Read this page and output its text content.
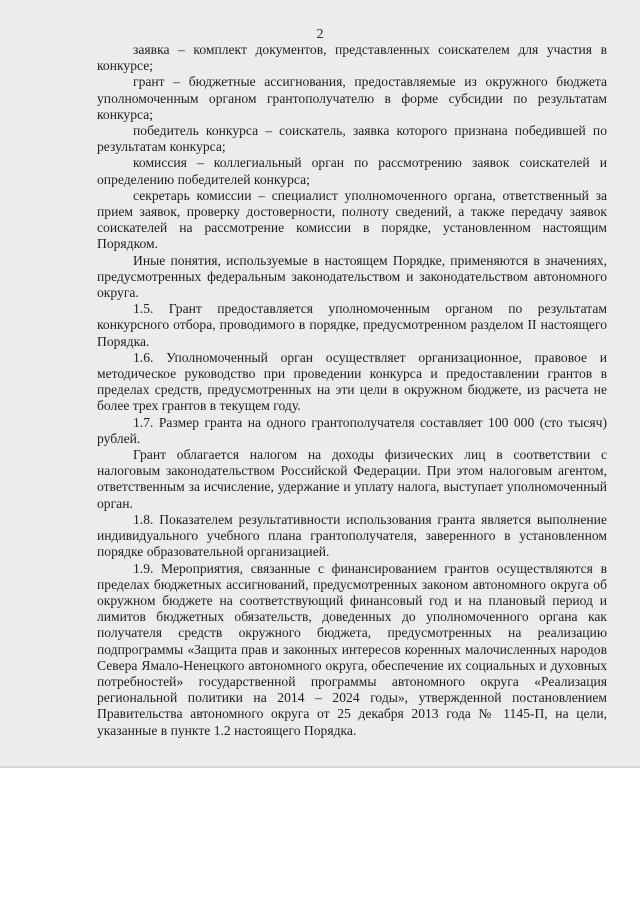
2

заявка – комплект документов, представленных соискателем для участия в конкурсе;

грант – бюджетные ассигнования, предоставляемые из окружного бюджета уполномоченным органом грантополучателю в форме субсидии по результатам конкурса;

победитель конкурса – соискатель, заявка которого признана победившей по результатам конкурса;

комиссия – коллегиальный орган по рассмотрению заявок соискателей и определению победителей конкурса;

секретарь комиссии – специалист уполномоченного органа, ответственный за прием заявок, проверку достоверности, полноту сведений, а также передачу заявок соискателей на рассмотрение комиссии в порядке, установленном настоящим Порядком.

Иные понятия, используемые в настоящем Порядке, применяются в значениях, предусмотренных федеральным законодательством и законодательством автономного округа.

1.5. Грант предоставляется уполномоченным органом по результатам конкурсного отбора, проводимого в порядке, предусмотренном разделом II настоящего Порядка.

1.6. Уполномоченный орган осуществляет организационное, правовое и методическое руководство при проведении конкурса и предоставлении грантов в пределах средств, предусмотренных на эти цели в окружном бюджете, из расчета не более трех грантов в текущем году.

1.7. Размер гранта на одного грантополучателя составляет 100 000 (сто тысяч) рублей.

Грант облагается налогом на доходы физических лиц в соответствии с налоговым законодательством Российской Федерации. При этом налоговым агентом, ответственным за исчисление, удержание и уплату налога, выступает уполномоченный орган.

1.8. Показателем результативности использования гранта является выполнение индивидуального учебного плана грантополучателя, заверенного в установленном порядке образовательной организацией.

1.9. Мероприятия, связанные с финансированием грантов осуществляются в пределах бюджетных ассигнований, предусмотренных законом автономного округа об окружном бюджете на соответствующий финансовый год и на плановый период и лимитов бюджетных обязательств, доведенных до уполномоченного органа как получателя средств окружного бюджета, предусмотренных на реализацию подпрограммы «Защита прав и законных интересов коренных малочисленных народов Севера Ямало-Ненецкого автономного округа, обеспечение их социальных и духовных потребностей» государственной программы автономного округа «Реализация региональной политики на 2014 – 2024 годы», утвержденной постановлением Правительства автономного округа от 25 декабря 2013 года № 1145-П, на цели, указанные в пункте 1.2 настоящего Порядка.
